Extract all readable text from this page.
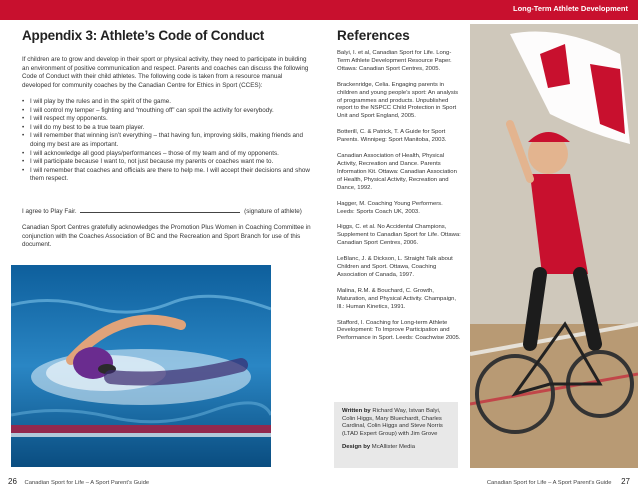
Long-Term Athlete Development
Appendix 3: Athlete’s Code of Conduct	References

If children are to grow and develop in their sport or physical activity, they need to participate in building an environment of positive communication and respect. Parents and coaches can discuss the following Code of Conduct with their child athletes. The following code is taken from a resource manual developed for community coaches by the Canadian Centre for Ethics in Sport (CCES):

• I will play by the rules and in the spirit of the game.
• I will control my temper – fighting and “mouthing off” can spoil the activity for everybody.
• I will respect my opponents.
• I will do my best to be a true team player.
• I will remember that winning isn’t everything – that having fun, improving skills, making friends and doing my best are as important.
• I will acknowledge all good plays/performances – those of my team and of my opponents.
• I will participate because I want to, not just because my parents or coaches want me to.
• I will remember that coaches and officials are there to help me. I will accept their decisions and show them respect.
I agree to Play Fair.	(signature of athlete)

Canadian Sport Centres gratefully acknowledges the Promotion Plus Women in Coaching Committee in conjunction with the Coaches Association of BC and the Recreation and Sport Branch for use of this document.

Balyi, I. et al, Canadian Sport for Life. Long-Term Athlete Development Resource Paper. Ottawa: Canadian Sport Centres, 2005.

Brackenridge, Celia. Engaging parents in children and young people’s sport: An analysis of programmes and products. Unpublished report to the NSPCC Child Protection in Sport Unit and Sport England, 2005.

Botterill, C. & Patrick, T. A Guide for Sport Parents. Winnipeg: Sport Manitoba, 2003.

Canadian Association of Health, Physical Activity, Recreation and Dance. Parents Information Kit. Ottawa: Canadian Association of Health, Physical Activity, Recreation and Dance, 1992.

Hagger, M. Coaching Young Performers. Leeds: Sports Coach UK, 2003.

Higgs, C. et al. No Accidental Champions, Supplement to Canadian Sport for Life. Ottawa: Canadian Sport Centres, 2006.

LeBlanc, J. & Dickson, L. Straight Talk about Children and Sport. Ottawa, Coaching Association of Canada, 1997.

Malina, R.M. & Bouchard, C. Growth, Maturation, and Physical Activity. Champaign, Ill.: Human Kinetics, 1991.

Stafford, I. Coaching for Long-term Athlete Development: To Improve Participation and Performance in Sport. Leeds: Coachwise 2005.

Written by Richard Way, Istvan Balyi, Colin Higgs, Mary Bluechardt, Charles Cardinal, Colin Higgs and Steve Norris (LTAD Expert Group) with Jim Grove
Design by McAllister Media
26 Canadian Sport for Life – A Sport Parent’s Guide	Canadian Sport for Life – A Sport Parent’s Guide 27
